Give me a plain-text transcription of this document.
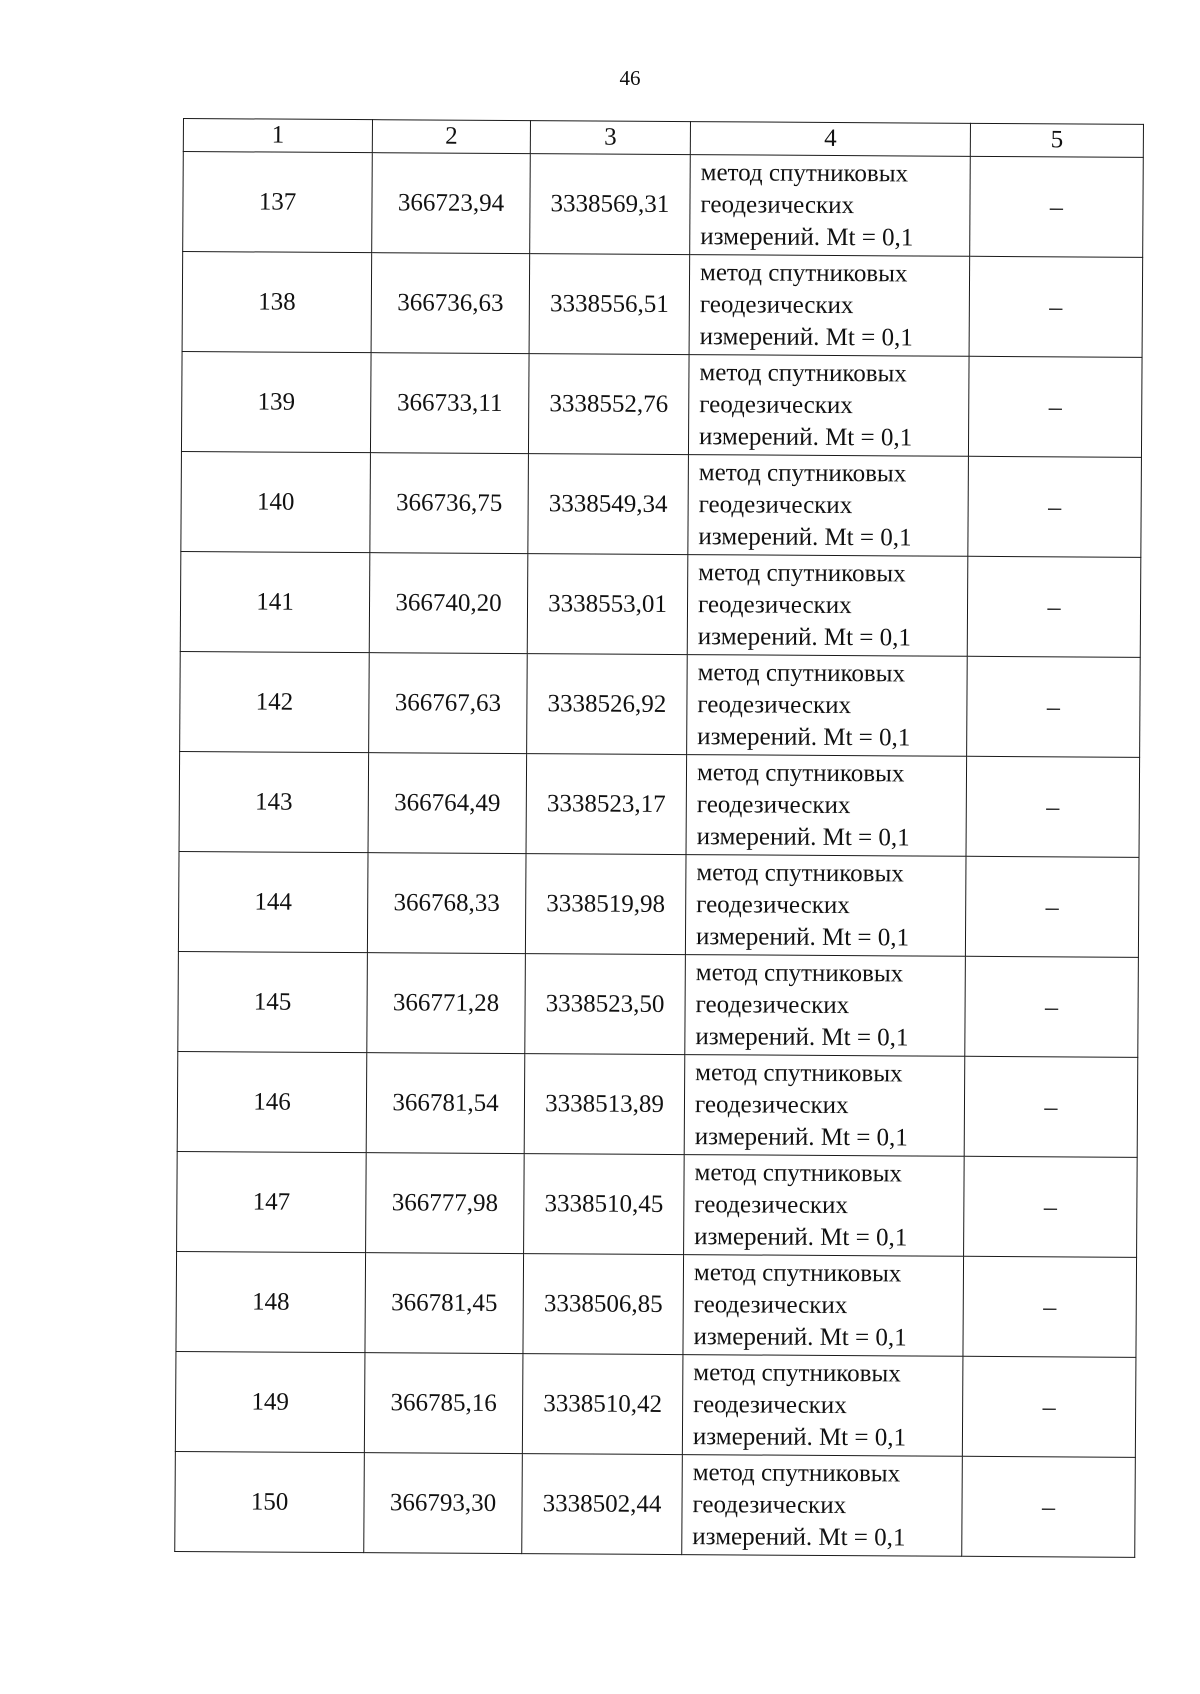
46
1	2	3	4	5
137	366723,94	3338569,31	метод спутниковых
геодезических
измерений. Mt = 0,1	–
138	366736,63	3338556,51	метод спутниковых
геодезических
измерений. Mt = 0,1	–
139	366733,11	3338552,76	метод спутниковых
геодезических
измерений. Mt = 0,1	–
140	366736,75	3338549,34	метод спутниковых
геодезических
измерений. Mt = 0,1	–
141	366740,20	3338553,01	метод спутниковых
геодезических
измерений. Mt = 0,1	–
142	366767,63	3338526,92	метод спутниковых
геодезических
измерений. Mt = 0,1	–
143	366764,49	3338523,17	метод спутниковых
геодезических
измерений. Mt = 0,1	–
144	366768,33	3338519,98	метод спутниковых
геодезических
измерений. Mt = 0,1	–
145	366771,28	3338523,50	метод спутниковых
геодезических
измерений. Mt = 0,1	–
146	366781,54	3338513,89	метод спутниковых
геодезических
измерений. Mt = 0,1	–
147	366777,98	3338510,45	метод спутниковых
геодезических
измерений. Mt = 0,1	–
148	366781,45	3338506,85	метод спутниковых
геодезических
измерений. Mt = 0,1	–
149	366785,16	3338510,42	метод спутниковых
геодезических
измерений. Mt = 0,1	–
150	366793,30	3338502,44	метод спутниковых
геодезических
измерений. Mt = 0,1	–
